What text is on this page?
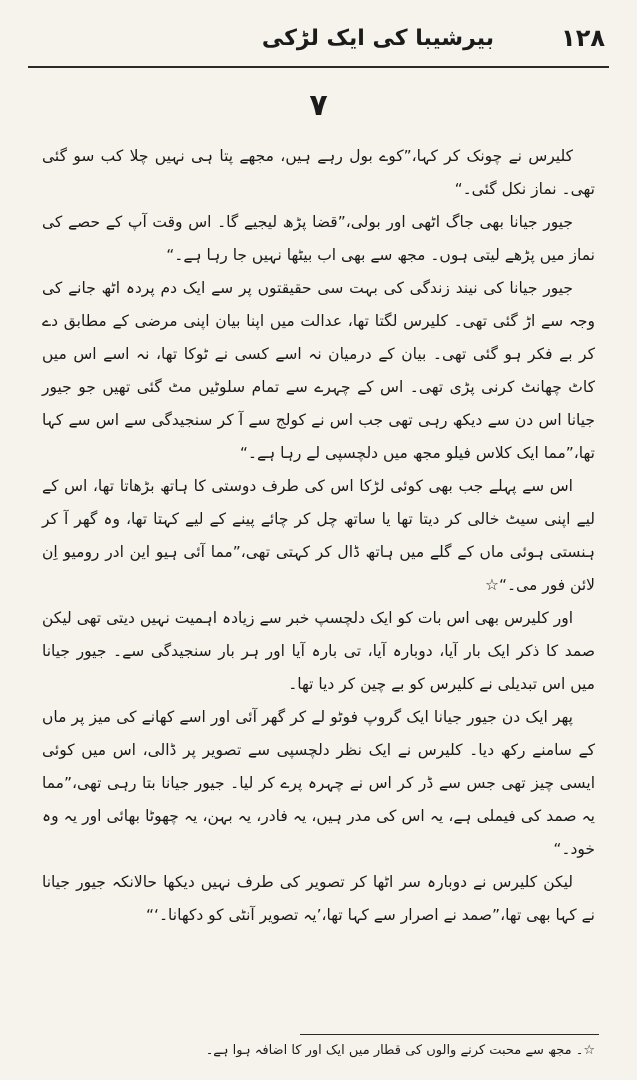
۱۲۸
بیرشیبا کی ایک لڑکی
۷

کلیرس نے چونک کر کہا،”کوے بول رہے ہیں، مجھے پتا ہی نہیں چلا کب سو گئی تھی۔ نماز نکل گئی۔“

جیور جیانا بھی جاگ اٹھی اور بولی،”قضا پڑھ لیجیے گا۔ اس وقت آپ کے حصے کی نماز میں پڑھے لیتی ہوں۔ مجھ سے بھی اب بیٹھا نہیں جا رہا ہے۔“

جیور جیانا کی نیند زندگی کی بہت سی حقیقتوں پر سے ایک دم پردہ اٹھ جانے کی وجہ سے اڑ گئی تھی۔ کلیرس لگتا تھا، عدالت میں اپنا بیان اپنی مرضی کے مطابق دے کر بے فکر ہو گئی تھی۔ بیان کے درمیان نہ اسے کسی نے ٹوکا تھا، نہ اسے اس میں کاٹ چھانٹ کرنی پڑی تھی۔ اس کے چہرے سے تمام سلوٹیں مٹ گئی تھیں جو جیور جیانا اس دن سے دیکھ رہی تھی جب اس نے کولج سے آ کر سنجیدگی سے اس سے کہا تھا،”مما ایک کلاس فیلو مجھ میں دلچسپی لے رہا ہے۔“

اس سے پہلے جب بھی کوئی لڑکا اس کی طرف دوستی کا ہاتھ بڑھاتا تھا، اس کے لیے اپنی سیٹ خالی کر دیتا تھا یا ساتھ چل کر چائے پینے کے لیے کہتا تھا، وہ گھر آ کر ہنستی ہوئی ماں کے گلے میں ہاتھ ڈال کر کہتی تھی،”مما آئی ہیو این ادر رومیو اِن لائن فور می۔“☆

اور کلیرس بھی اس بات کو ایک دلچسپ خبر سے زیادہ اہمیت نہیں دیتی تھی لیکن صمد کا ذکر ایک بار آیا، دوبارہ آیا، تی بارہ آیا اور ہر بار سنجیدگی سے۔ جیور جیانا میں اس تبدیلی نے کلیرس کو بے چین کر دیا تھا۔

پھر ایک دن جیور جیانا ایک گروپ فوٹو لے کر گھر آئی اور اسے کھانے کی میز پر ماں کے سامنے رکھ دیا۔ کلیرس نے ایک نظر دلچسپی سے تصویر پر ڈالی، اس میں کوئی ایسی چیز تھی جس سے ڈر کر اس نے چہرہ پرے کر لیا۔ جیور جیانا بتا رہی تھی،”مما یہ صمد کی فیملی ہے، یہ اس کی مدر ہیں، یہ فادر، یہ بہن، یہ چھوٹا بھائی اور یہ وہ خود۔“

لیکن کلیرس نے دوبارہ سر اٹھا کر تصویر کی طرف نہیں دیکھا حالانکہ جیور جیانا نے کہا بھی تھا،”صمد نے اصرار سے کہا تھا،’یہ تصویر آنٹی کو دکھانا۔‘“

☆۔ مجھ سے محبت کرنے والوں کی قطار میں ایک اور کا اضافہ ہوا ہے۔
